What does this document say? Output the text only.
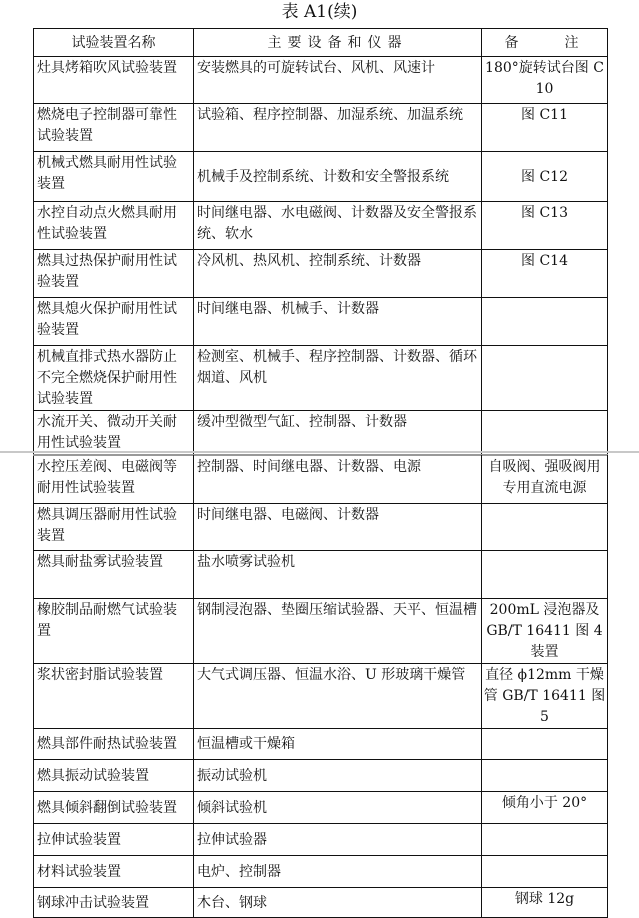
表 A1(续)
试验装置名称	主要设备和仪器	备　　注
灶具烤箱吹风试验装置	安装燃具的可旋转试台、风机、风速计	180°旋转试台图 C10
燃烧电子控制器可靠性试验装置	试验箱、程序控制器、加湿系统、加温系统	图 C11
机械式燃具耐用性试验装置	机械手及控制系统、计数和安全警报系统	图 C12
水控自动点火燃具耐用性试验装置	时间继电器、水电磁阀、计数器及安全警报系统、软水	图 C13
燃具过热保护耐用性试验装置	冷风机、热风机、控制系统、计数器	图 C14
燃具熄火保护耐用性试验装置	时间继电器、机械手、计数器	
机械直排式热水器防止不完全燃烧保护耐用性试验装置	检测室、机械手、程序控制器、计数器、循环烟道、风机	
水流开关、微动开关耐用性试验装置	缓冲型微型气缸、控制器、计数器	
水控压差阀、电磁阀等耐用性试验装置	控制器、时间继电器、计数器、电源	自吸阀、强吸阀用专用直流电源
燃具调压器耐用性试验装置	时间继电器、电磁阀、计数器	
燃具耐盐雾试验装置	盐水喷雾试验机	
橡胶制品耐燃气试验装置	钢制浸泡器、垫圈压缩试验器、天平、恒温槽	200mL 浸泡器及 GB/T 16411 图 4 装置
浆状密封脂试验装置	大气式调压器、恒温水浴、U 形玻璃干燥管	直径 ϕ12mm 干燥管 GB/T 16411 图 5
燃具部件耐热试验装置	恒温槽或干燥箱	
燃具振动试验装置	振动试验机	
燃具倾斜翻倒试验装置	倾斜试验机	倾角小于 20°
拉伸试验装置	拉伸试验器	
材料试验装置	电炉、控制器	
钢球冲击试验装置	木台、钢球	钢球 12g
